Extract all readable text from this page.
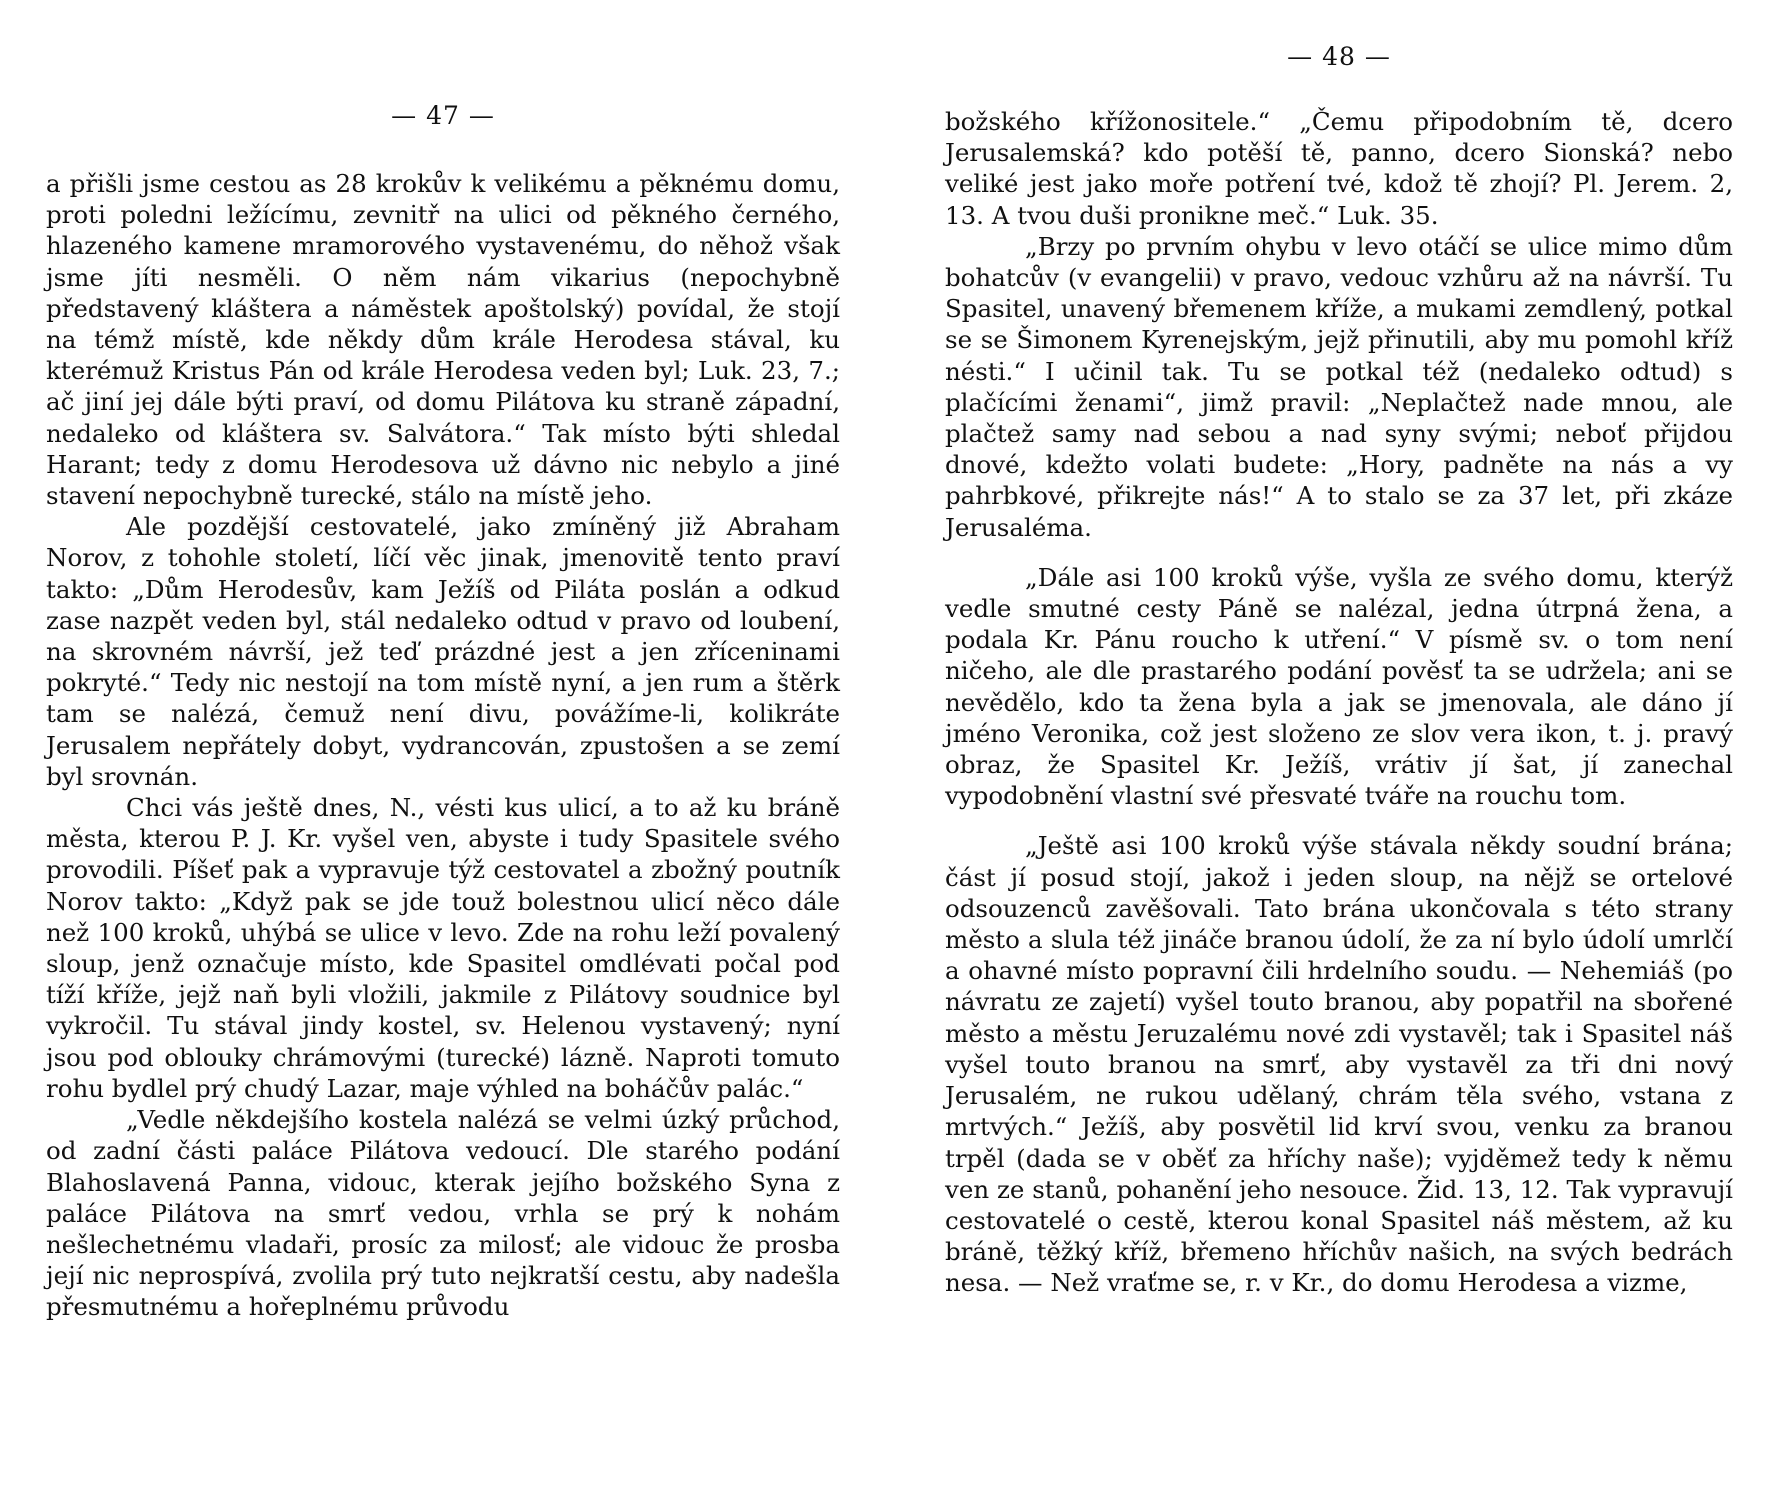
— 47 —

a přišli jsme cestou as 28 krokův k velikému a pěknému domu, proti poledni ležícímu, zevnitř na ulici od pěkného černého, hlazeného kamene mramorového vystavenému, do něhož však jsme jíti nesměli. O něm nám vikarius (nepochybně představený kláštera a náměstek apoštolský) povídal, že stojí na témž místě, kde někdy dům krále Herodesa stával, ku kterémuž Kristus Pán od krále Herodesa veden byl; Luk. 23, 7.; ač jiní jej dále býti praví, od domu Pilátova ku straně západní, nedaleko od kláštera sv. Salvátora.“ Tak místo býti shledal Harant; tedy z domu Herodesova už dávno nic nebylo a jiné stavení nepochybně turecké, stálo na místě jeho.

Ale pozdější cestovatelé, jako zmíněný již Abraham Norov, z tohohle století, líčí věc jinak, jmenovitě tento praví takto: „Dům Herodesův, kam Ježíš od Piláta poslán a odkud zase nazpět veden byl, stál nedaleko odtud v pravo od loubení, na skrovném návrší, jež teď prázdné jest a jen zříceninami pokryté.“ Tedy nic nestojí na tom místě nyní, a jen rum a štěrk tam se nalézá, čemuž není divu, povážíme-li, kolikráte Jerusalem nepřátely dobyt, vydrancován, zpustošen a se zemí byl srovnán.

Chci vás ještě dnes, N., vésti kus ulicí, a to až ku bráně města, kterou P. J. Kr. vyšel ven, abyste i tudy Spasitele svého provodili. Píšeť pak a vypravuje týž cestovatel a zbožný poutník Norov takto: „Když pak se jde touž bolestnou ulicí něco dále než 100 kroků, uhýbá se ulice v levo. Zde na rohu leží povalený sloup, jenž označuje místo, kde Spasitel omdlévati počal pod tíží kříže, jejž naň byli vložili, jakmile z Pilátovy soudnice byl vykročil. Tu stával jindy kostel, sv. Helenou vystavený; nyní jsou pod oblouky chrámovými (turecké) lázně. Naproti tomuto rohu bydlel prý chudý Lazar, maje výhled na boháčův palác.“

„Vedle někdejšího kostela nalézá se velmi úzký průchod, od zadní části paláce Pilátova vedoucí. Dle starého podání Blahoslavená Panna, vidouc, kterak jejího božského Syna z paláce Pilátova na smrť vedou, vrhla se prý k nohám nešlechetnému vladaři, prosíc za milosť; ale vidouc že prosba její nic neprospívá, zvolila prý tuto nejkratší cestu, aby nadešla přesmutnému a hořeplnému průvodu

— 48 —

božského křížonositele.“ „Čemu připodobním tě, dcero Jerusalemská? kdo potěší tě, panno, dcero Sionská? nebo veliké jest jako moře potření tvé, kdož tě zhojí? Pl. Jerem. 2, 13. A tvou duši pronikne meč.“ Luk. 35.

„Brzy po prvním ohybu v levo otáčí se ulice mimo dům bohatcův (v evangelii) v pravo, vedouc vzhůru až na návrší. Tu Spasitel, unavený břemenem kříže, a mukami zemdlený, potkal se se Šimonem Kyrenejským, jejž přinutili, aby mu pomohl kříž nésti.“ I učinil tak. Tu se potkal též (nedaleko odtud) s plačícími ženami“, jimž pravil: „Neplačtež nade mnou, ale plačtež samy nad sebou a nad syny svými; neboť přijdou dnové, kdežto volati budete: „Hory, padněte na nás a vy pahrbkové, přikrejte nás!“ A to stalo se za 37 let, při zkáze Jerusaléma.

„Dále asi 100 kroků výše, vyšla ze svého domu, kterýž vedle smutné cesty Páně se nalézal, jedna útrpná žena, a podala Kr. Pánu roucho k utření.“ V písmě sv. o tom není ničeho, ale dle prastarého podání pověsť ta se udržela; ani se nevědělo, kdo ta žena byla a jak se jmenovala, ale dáno jí jméno Veronika, což jest složeno ze slov vera ikon, t. j. pravý obraz, že Spasitel Kr. Ježíš, vrátiv jí šat, jí zanechal vypodobnění vlastní své přesvaté tváře na rouchu tom.

„Ještě asi 100 kroků výše stávala někdy soudní brána; část jí posud stojí, jakož i jeden sloup, na nějž se ortelové odsouzenců zavěšovali. Tato brána ukončovala s této strany město a slula též jináče branou údolí, že za ní bylo údolí umrlčí a ohavné místo popravní čili hrdelního soudu. — Nehemiáš (po návratu ze zajetí) vyšel touto branou, aby popatřil na sbořené město a městu Jeruzalému nové zdi vystavěl; tak i Spasitel náš vyšel touto branou na smrť, aby vystavěl za tři dni nový Jerusalém, ne rukou udělaný, chrám těla svého, vstana z mrtvých.“ Ježíš, aby posvětil lid krví svou, venku za branou trpěl (dada se v oběť za hříchy naše); vyjděmež tedy k němu ven ze stanů, pohanění jeho nesouce. Žid. 13, 12. Tak vypravují cestovatelé o cestě, kterou konal Spasitel náš městem, až ku bráně, těžký kříž, břemeno hříchův našich, na svých bedrách nesa. — Než vraťme se, r. v Kr., do domu Herodesa a vizme,
